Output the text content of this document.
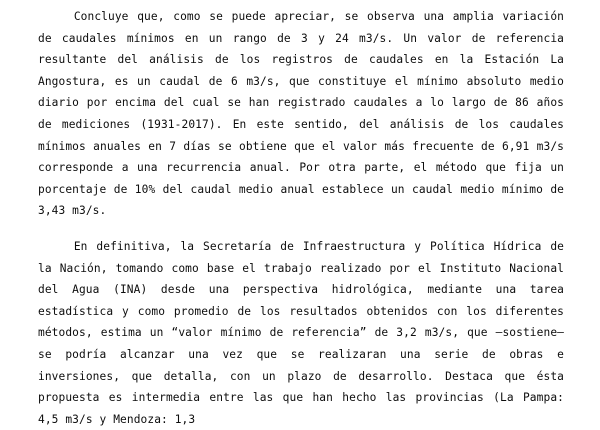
Concluye que, como se puede apreciar, se observa una amplia variación de caudales mínimos en un rango de 3 y 24 m3/s. Un valor de referencia resultante del análisis de los registros de caudales en la Estación La Angostura, es un caudal de 6 m3/s, que constituye el mínimo absoluto medio diario por encima del cual se han registrado caudales a lo largo de 86 años de mediciones (1931-2017). En este sentido, del análisis de los caudales mínimos anuales en 7 días se obtiene que el valor más frecuente de 6,91 m3/s corresponde a una recurrencia anual. Por otra parte, el método que fija un porcentaje de 10% del caudal medio anual establece un caudal medio mínimo de 3,43 m3/s.

En definitiva, la Secretaría de Infraestructura y Política Hídrica de la Nación, tomando como base el trabajo realizado por el Instituto Nacional del Agua (INA) desde una perspectiva hidrológica, mediante una tarea estadística y como promedio de los resultados obtenidos con los diferentes métodos, estima un “valor mínimo de referencia” de 3,2 m3/s, que –sostiene– se podría alcanzar una vez que se realizaran una serie de obras e inversiones, que detalla, con un plazo de desarrollo. Destaca que ésta propuesta es intermedia entre las que han hecho las provincias (La Pampa: 4,5 m3/s y Mendoza: 1,3
